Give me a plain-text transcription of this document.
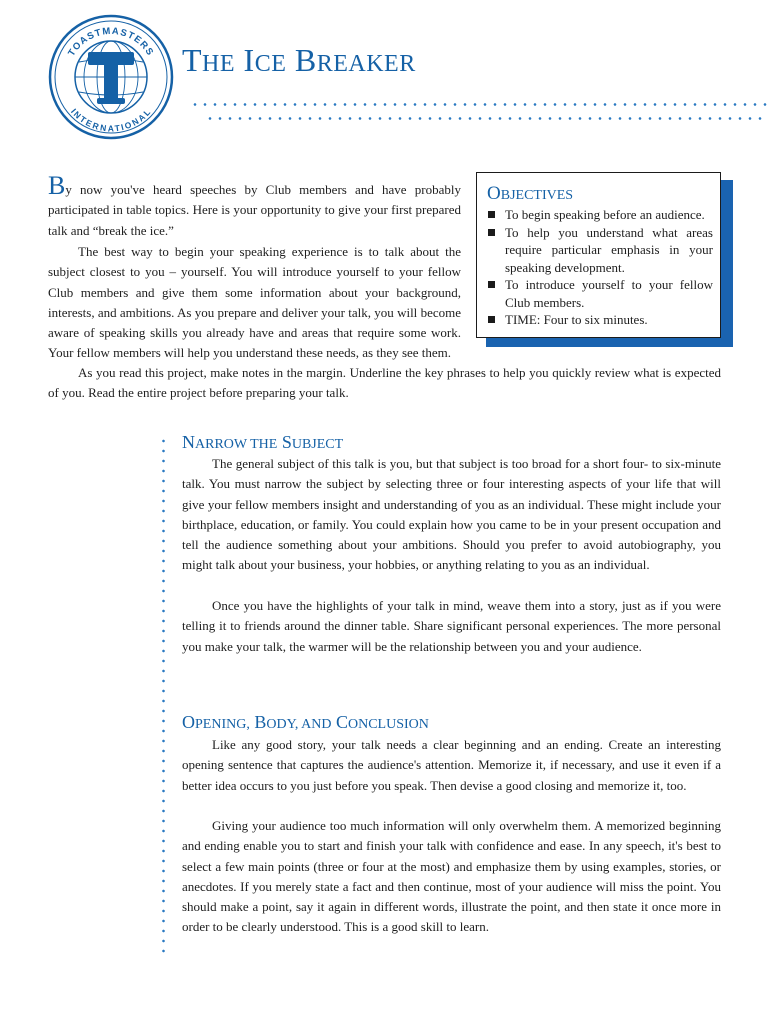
TOASTMASTERS
INTERNATIONAL
THE ICE BREAKER

By now you've heard speeches by Club members and have probably participated in table topics. Here is your opportunity to give your first prepared talk and “break the ice.”

The best way to begin your speaking experience is to talk about the subject closest to you – yourself. You will introduce yourself to your fellow Club members and give them some information about your background, interests, and ambitions. As you prepare and deliver your talk, you will become aware of speaking skills you already have and areas that require some work. Your fellow members will help you understand these needs, as they see them.

As you read this project, make notes in the margin. Underline the key phrases to help you quickly review what is expected of you. Read the entire project before preparing your talk.

OBJECTIVES
To begin speaking before an audience.
To help you understand what areas require particular emphasis in your speaking development.
To introduce yourself to your fellow Club members.
TIME: Four to six minutes.
NARROW THE SUBJECT

The general subject of this talk is you, but that subject is too broad for a short four- to six-minute talk. You must narrow the subject by selecting three or four interesting aspects of your life that will give your fellow members insight and understanding of you as an individual. These might include your birthplace, education, or family. You could explain how you came to be in your present occupation and tell the audience something about your ambitions. Should you prefer to avoid autobiography, you might talk about your business, your hobbies, or anything relating to you as an individual.

Once you have the highlights of your talk in mind, weave them into a story, just as if you were telling it to friends around the dinner table. Share significant personal experiences. The more personal you make your talk, the warmer will be the relationship between you and your audience.

OPENING, BODY, AND CONCLUSION

Like any good story, your talk needs a clear beginning and an ending. Create an interesting opening sentence that captures the audience's attention. Memorize it, if necessary, and use it even if a better idea occurs to you just before you speak. Then devise a good closing and memorize it, too.

Giving your audience too much information will only overwhelm them. A memorized beginning and ending enable you to start and finish your talk with confidence and ease. In any speech, it's best to select a few main points (three or four at the most) and emphasize them by using examples, stories, or anecdotes. If you merely state a fact and then continue, most of your audience will miss the point. You should make a point, say it again in different words, illustrate the point, and then state it once more in order to be clearly understood. This is a good skill to learn.
